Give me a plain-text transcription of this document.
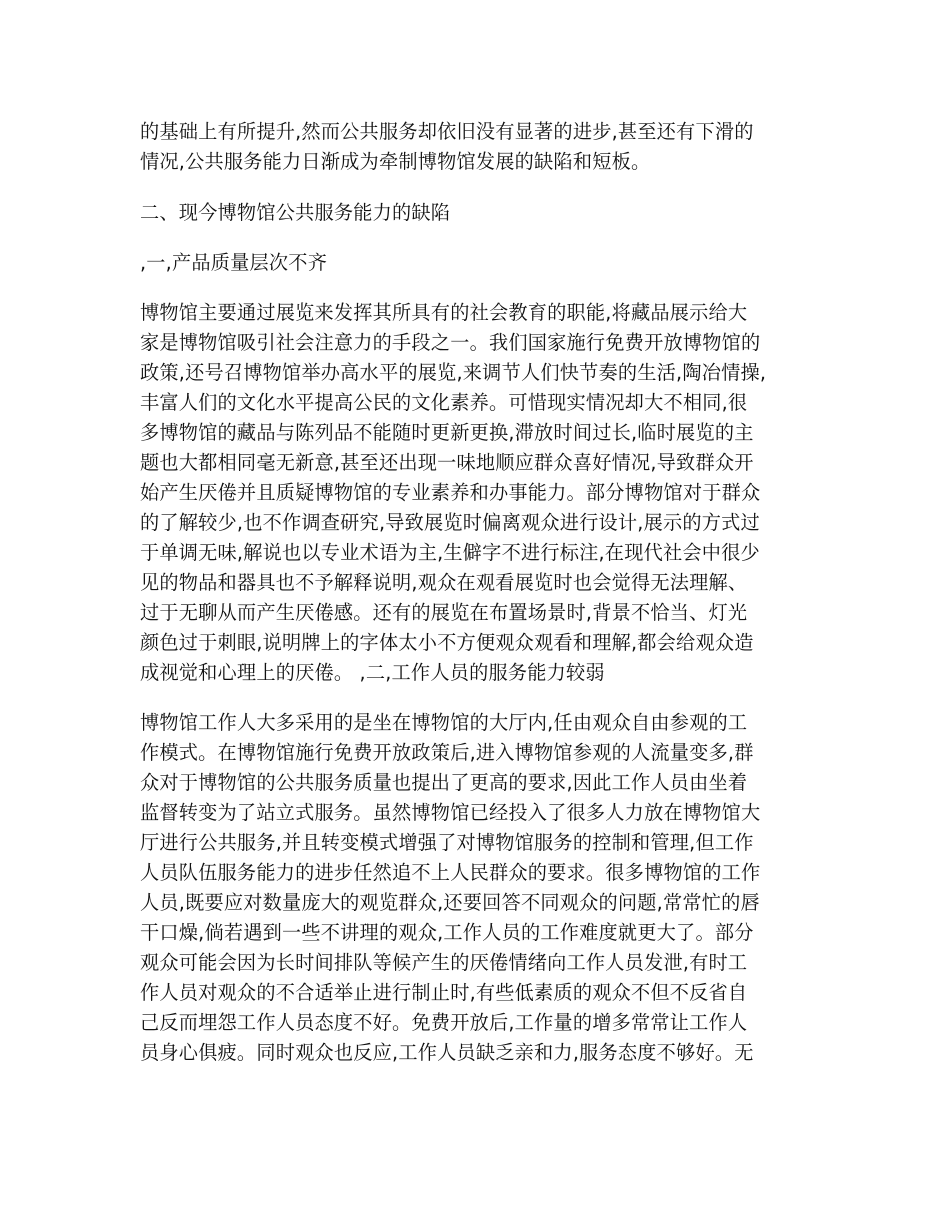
的基础上有所提升,然而公共服务却依旧没有显著的进步,甚至还有下滑的
情况,公共服务能力日渐成为牵制博物馆发展的缺陷和短板。
二、现今博物馆公共服务能力的缺陷
,一,产品质量层次不齐
博物馆主要通过展览来发挥其所具有的社会教育的职能,将藏品展示给大
家是博物馆吸引社会注意力的手段之一。我们国家施行免费开放博物馆的
政策,还号召博物馆举办高水平的展览,来调节人们快节奏的生活,陶冶情操,
丰富人们的文化水平提高公民的文化素养。可惜现实情况却大不相同,很
多博物馆的藏品与陈列品不能随时更新更换,滞放时间过长,临时展览的主
题也大都相同毫无新意,甚至还出现一味地顺应群众喜好情况,导致群众开
始产生厌倦并且质疑博物馆的专业素养和办事能力。部分博物馆对于群众
的了解较少,也不作调查研究,导致展览时偏离观众进行设计,展示的方式过
于单调无味,解说也以专业术语为主,生僻字不进行标注,在现代社会中很少
见的物品和器具也不予解释说明,观众在观看展览时也会觉得无法理解、
过于无聊从而产生厌倦感。还有的展览在布置场景时,背景不恰当、灯光
颜色过于刺眼,说明牌上的字体太小不方便观众观看和理解,都会给观众造
成视觉和心理上的厌倦。 ,二,工作人员的服务能力较弱
博物馆工作人大多采用的是坐在博物馆的大厅内,任由观众自由参观的工
作模式。在博物馆施行免费开放政策后,进入博物馆参观的人流量变多,群
众对于博物馆的公共服务质量也提出了更高的要求,因此工作人员由坐着
监督转变为了站立式服务。虽然博物馆已经投入了很多人力放在博物馆大
厅进行公共服务,并且转变模式增强了对博物馆服务的控制和管理,但工作
人员队伍服务能力的进步任然追不上人民群众的要求。很多博物馆的工作
人员,既要应对数量庞大的观览群众,还要回答不同观众的问题,常常忙的唇
干口燥,倘若遇到一些不讲理的观众,工作人员的工作难度就更大了。部分
观众可能会因为长时间排队等候产生的厌倦情绪向工作人员发泄,有时工
作人员对观众的不合适举止进行制止时,有些低素质的观众不但不反省自
己反而埋怨工作人员态度不好。免费开放后,工作量的增多常常让工作人
员身心俱疲。同时观众也反应,工作人员缺乏亲和力,服务态度不够好。无
